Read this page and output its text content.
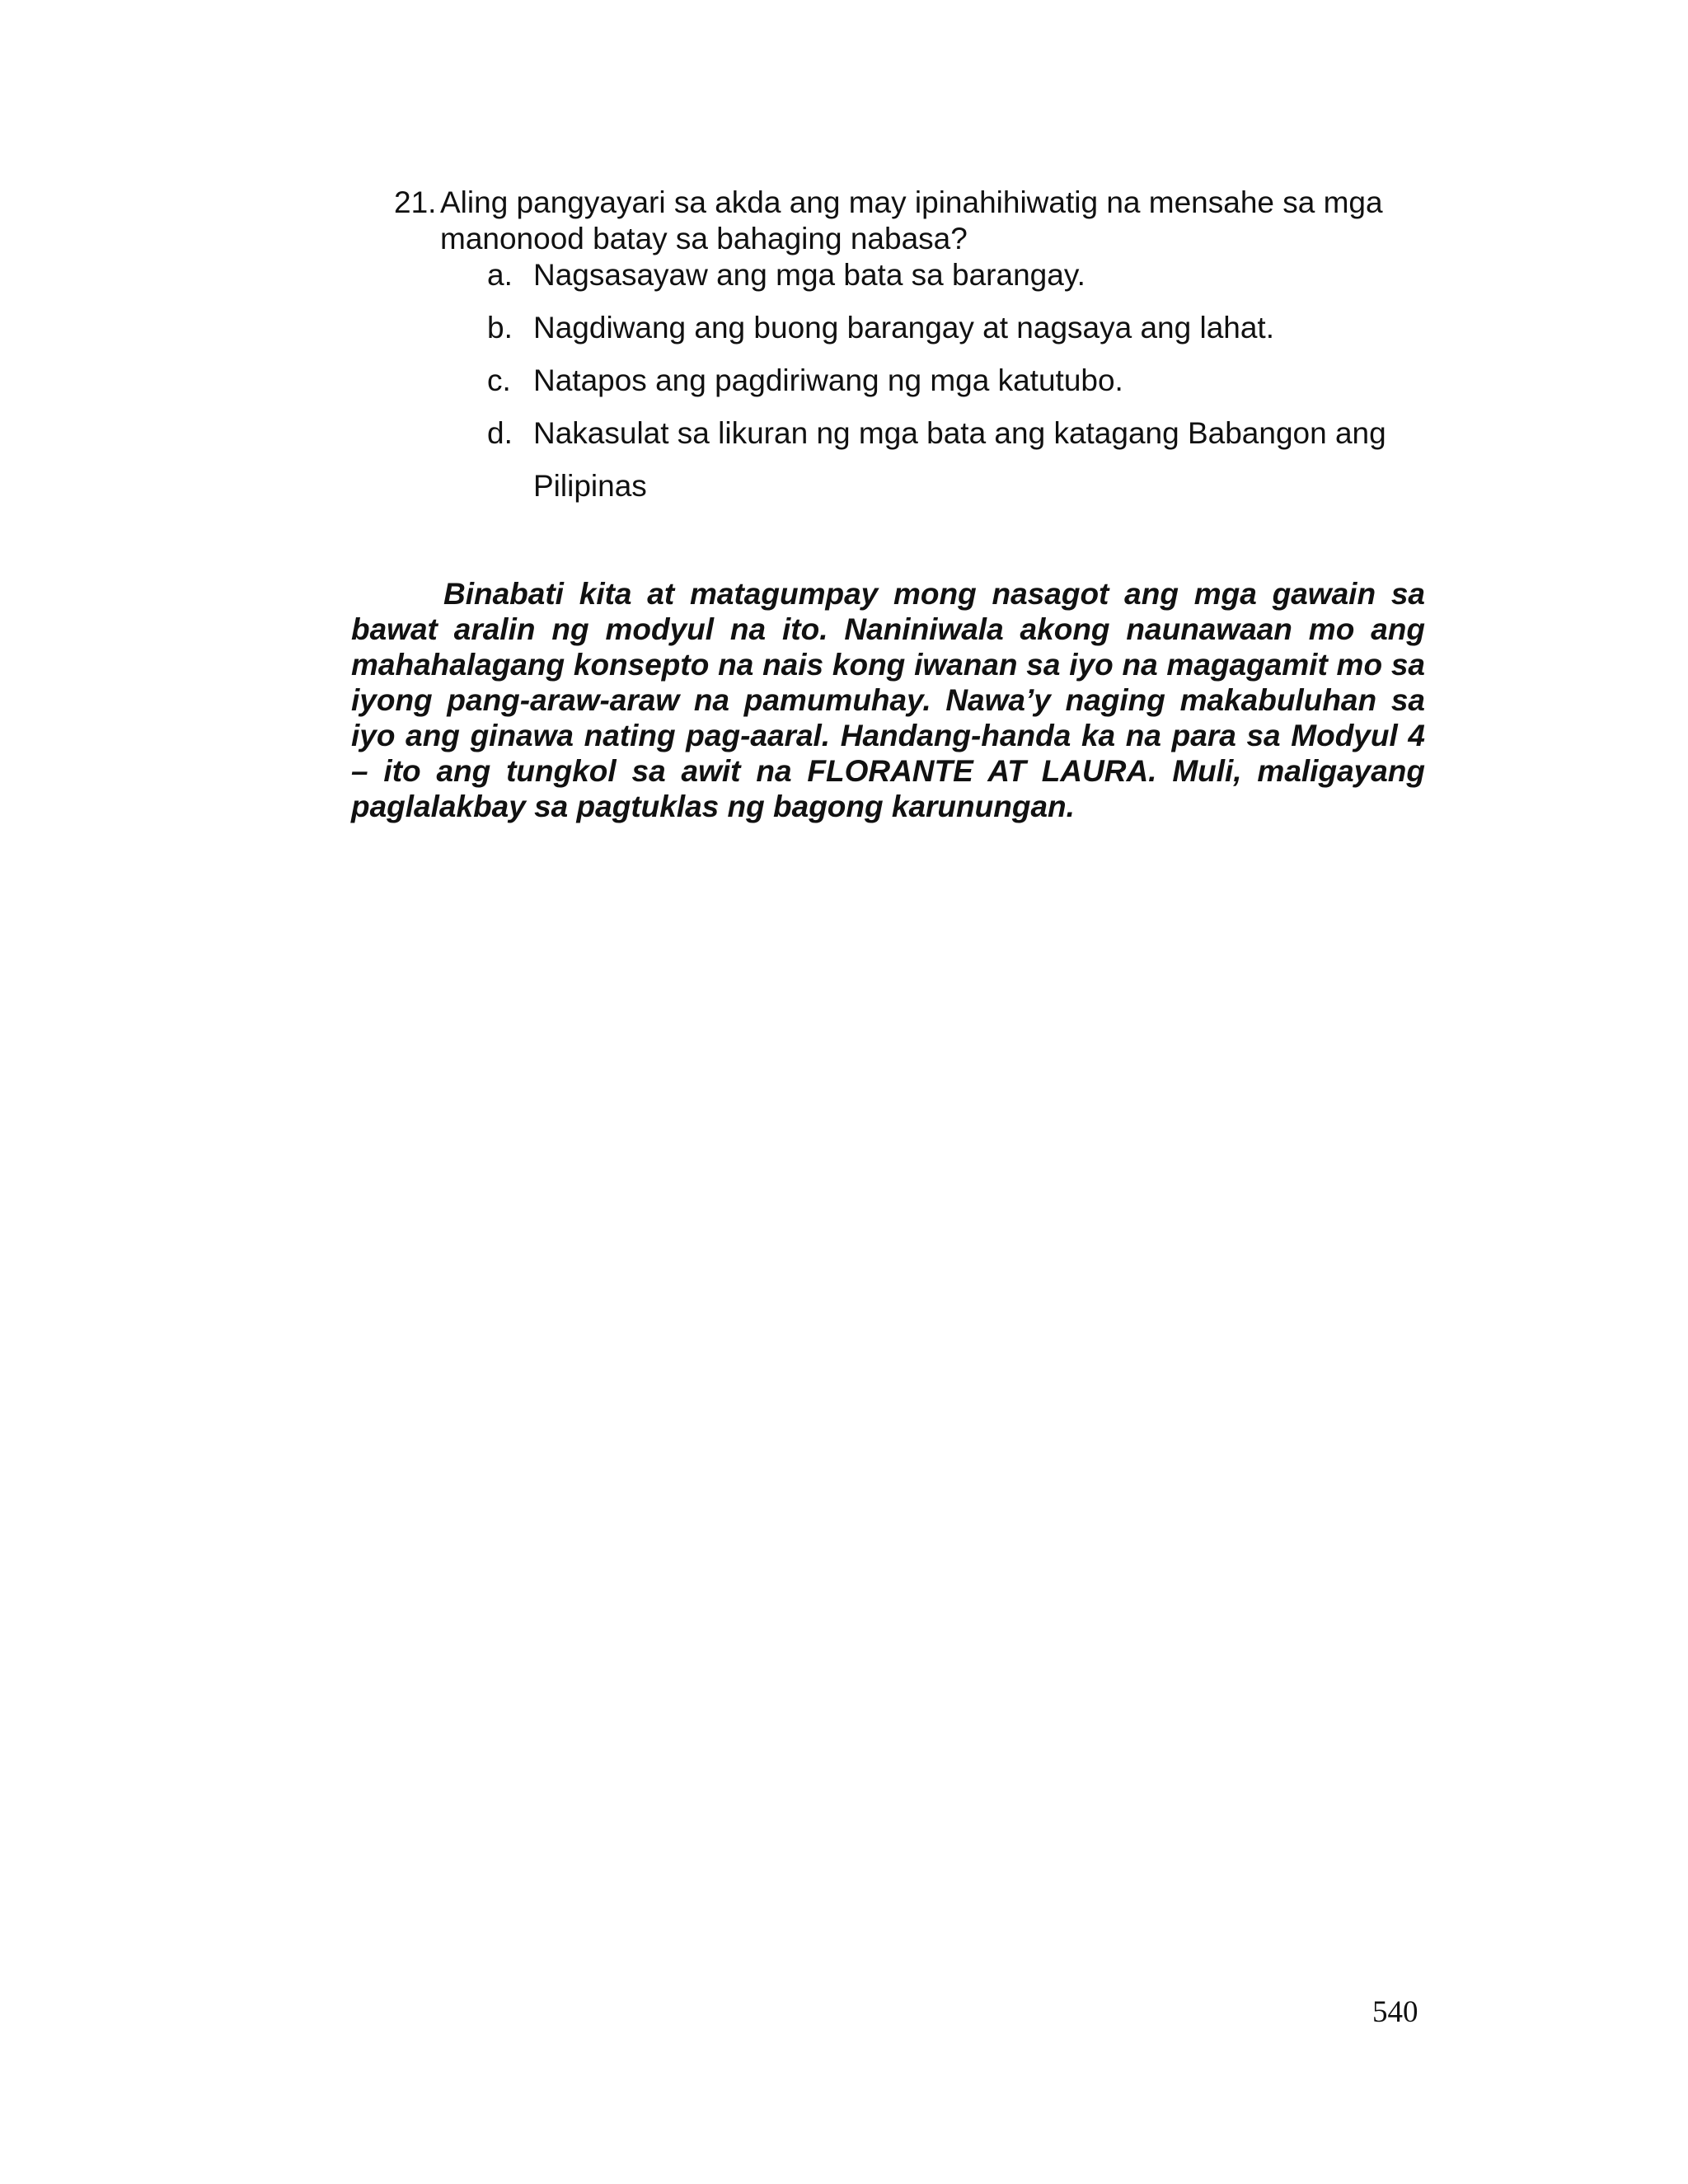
21. Aling pangyayari sa akda ang may ipinahihiwatig na mensahe sa mga manonood batay sa bahaging nabasa?
a. Nagsasayaw ang mga bata sa barangay.
b. Nagdiwang ang buong barangay at nagsaya ang lahat.
c. Natapos ang pagdiriwang ng mga katutubo.
d. Nakasulat sa likuran ng mga bata ang katagang Babangon ang Pilipinas

Binabati kita at matagumpay mong nasagot ang mga gawain sa bawat aralin ng modyul na ito. Naniniwala akong naunawaan mo ang mahahalagang konsepto na nais kong iwanan sa iyo na magagamit mo sa iyong pang-araw-araw na pamumuhay. Nawa’y naging makabuluhan sa iyo ang ginawa nating pag-aaral. Handang-handa ka na para sa Modyul 4 – ito ang tungkol sa awit na FLORANTE AT LAURA. Muli, maligayang paglalakbay sa pagtuklas ng bagong karunungan.

540
